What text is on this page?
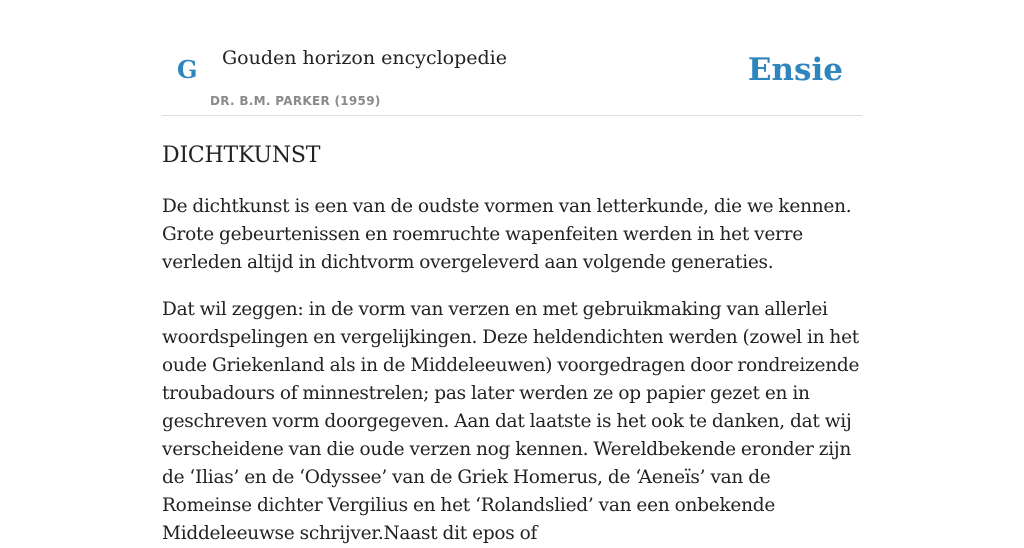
G Gouden horizon encyclopedie
DR. B.M. PARKER (1959)
Ensie
DICHTKUNST

De dichtkunst is een van de oudste vormen van letterkunde, die we kennen. Grote gebeurtenissen en roemruchte wapenfeiten werden in het verre verleden altijd in dichtvorm overgeleverd aan volgende generaties.

Dat wil zeggen: in de vorm van verzen en met gebruikmaking van allerlei woordspelingen en vergelijkingen. Deze heldendichten werden (zowel in het oude Griekenland als in de Middeleeuwen) voorgedragen door rondreizende troubadours of minnestrelen; pas later werden ze op papier gezet en in geschreven vorm doorgegeven. Aan dat laatste is het ook te danken, dat wij verscheidene van die oude verzen nog kennen. Wereldbekende eronder zijn de ‘Ilias’ en de ‘Odyssee’ van de Griek Homerus, de ‘Aeneïs’ van de Romeinse dichter Vergilius en het ‘Rolandslied’ van een onbekende Middeleeuwse schrijver.Naast dit epos of
